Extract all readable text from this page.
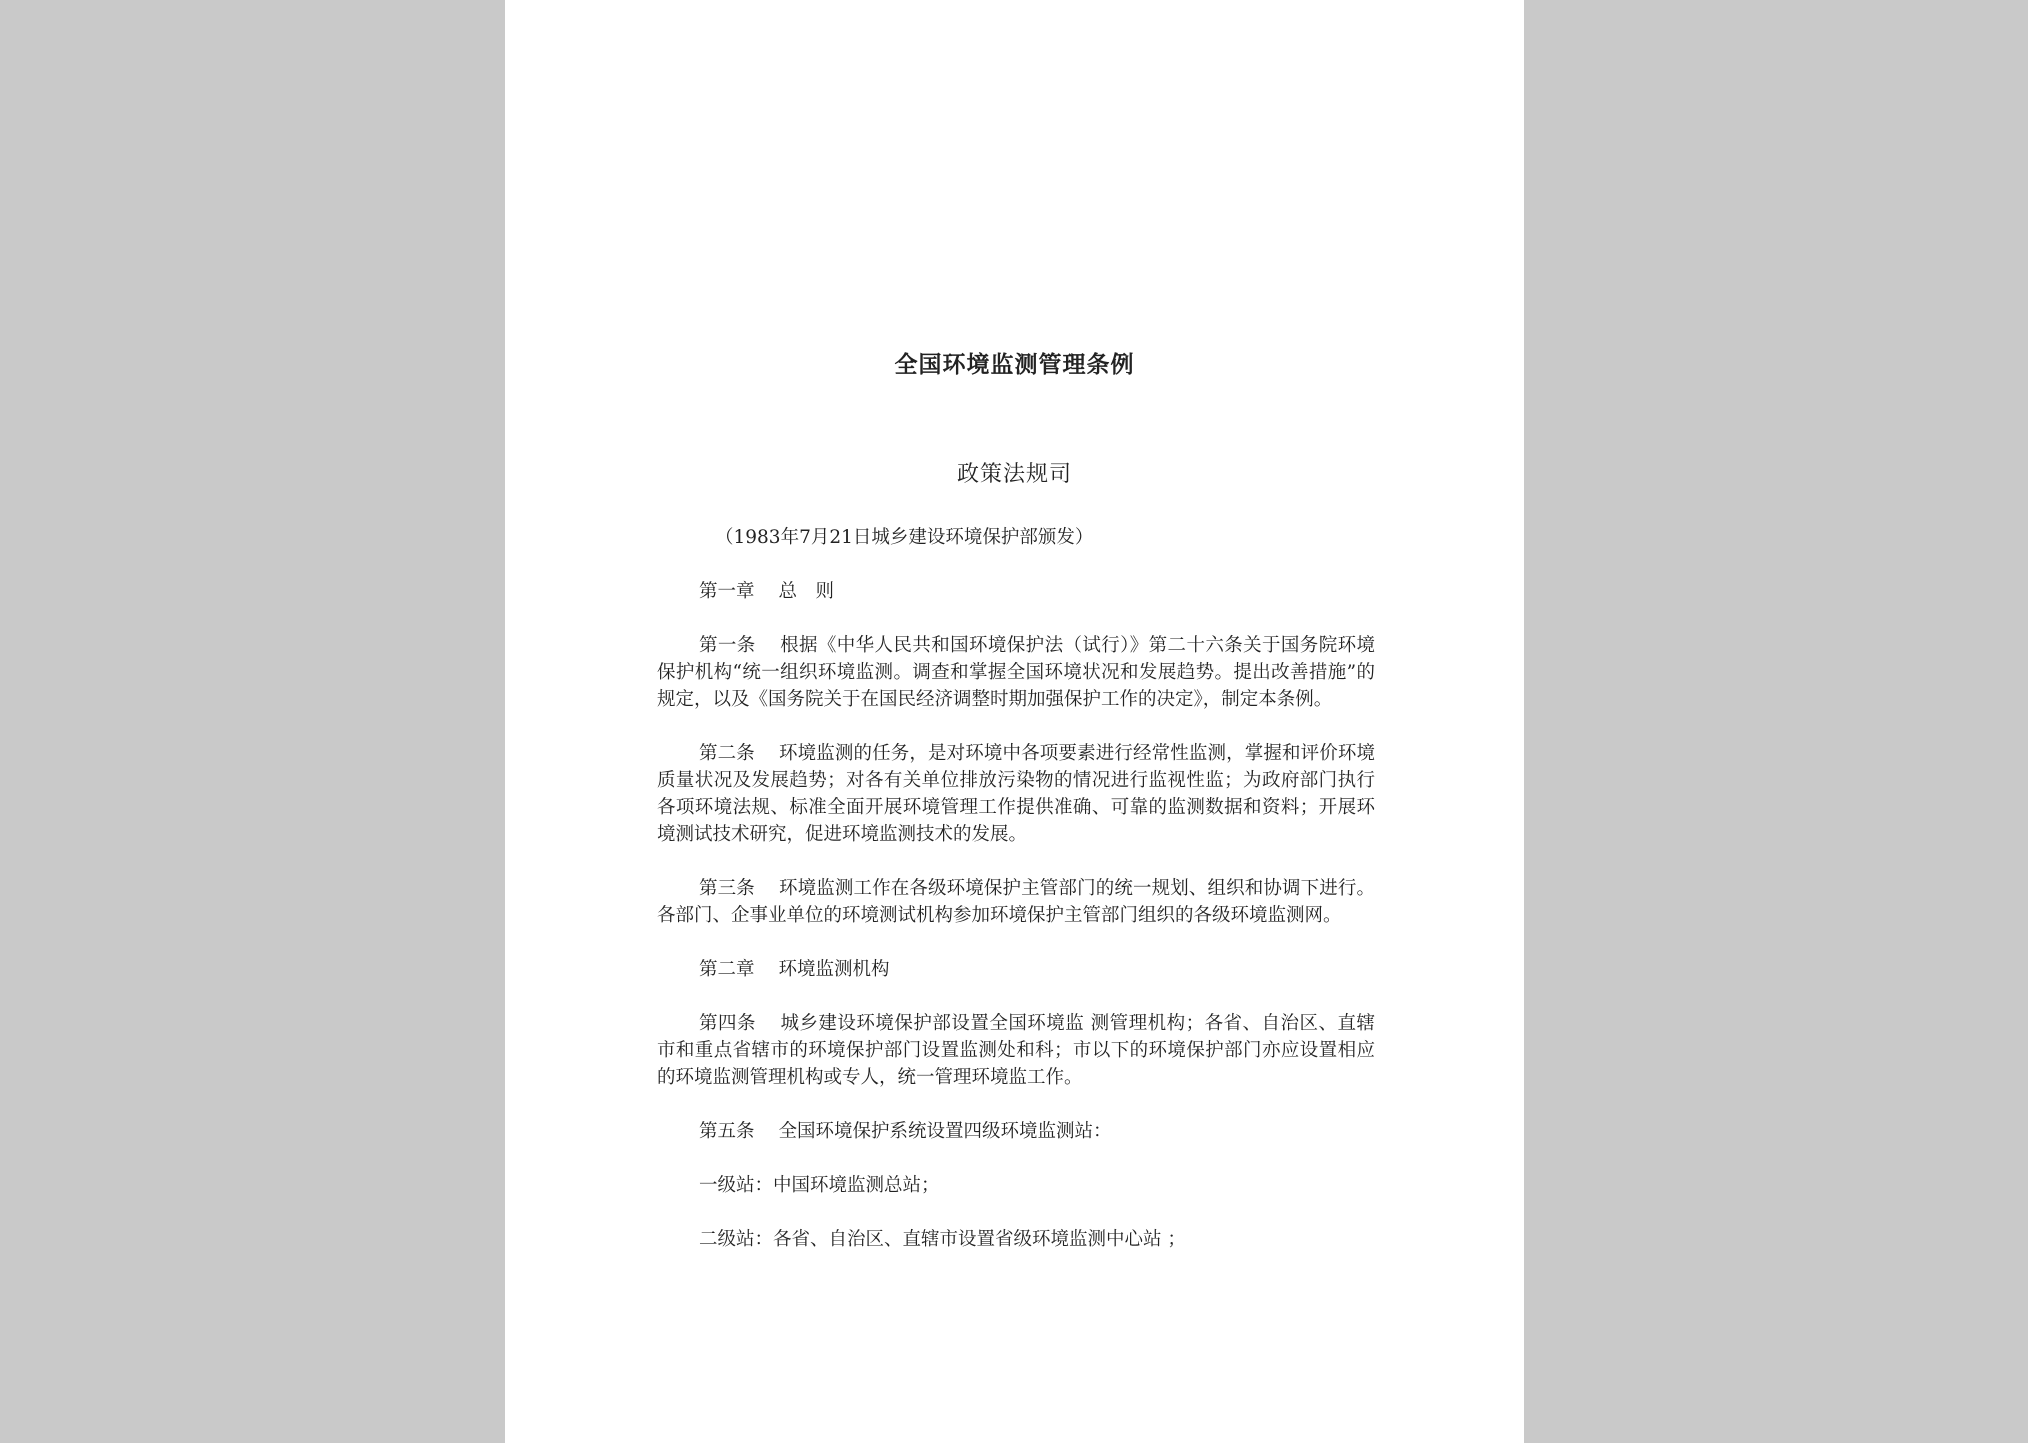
全国环境监测管理条例
政策法规司

（1983年7月21日城乡建设环境保护部颁发）

第一章 总　则

第一条 根据《中华人民共和国环境保护法（试行）》第二十六条关于国务院环境保护机构“统一组织环境监测。调查和掌握全国环境状况和发展趋势。提出改善措施”的规定，以及《国务院关于在国民经济调整时期加强保护工作的决定》，制定本条例。

第二条 环境监测的任务，是对环境中各项要素进行经常性监测，掌握和评价环境质量状况及发展趋势；对各有关单位排放污染物的情况进行监视性监；为政府部门执行各项环境法规、标准全面开展环境管理工作提供准确、可靠的监测数据和资料；开展环境测试技术研究，促进环境监测技术的发展。

第三条 环境监测工作在各级环境保护主管部门的统一规划、组织和协调下进行。各部门、企事业单位的环境测试机构参加环境保护主管部门组织的各级环境监测网。

第二章 环境监测机构

第四条 城乡建设环境保护部设置全国环境监 测管理机构；各省、自治区、直辖市和重点省辖市的环境保护部门设置监测处和科；市以下的环境保护部门亦应设置相应的环境监测管理机构或专人，统一管理环境监工作。

第五条 全国环境保护系统设置四级环境监测站：

一级站：中国环境监测总站；

二级站：各省、自治区、直辖市设置省级环境监测中心站 ；
